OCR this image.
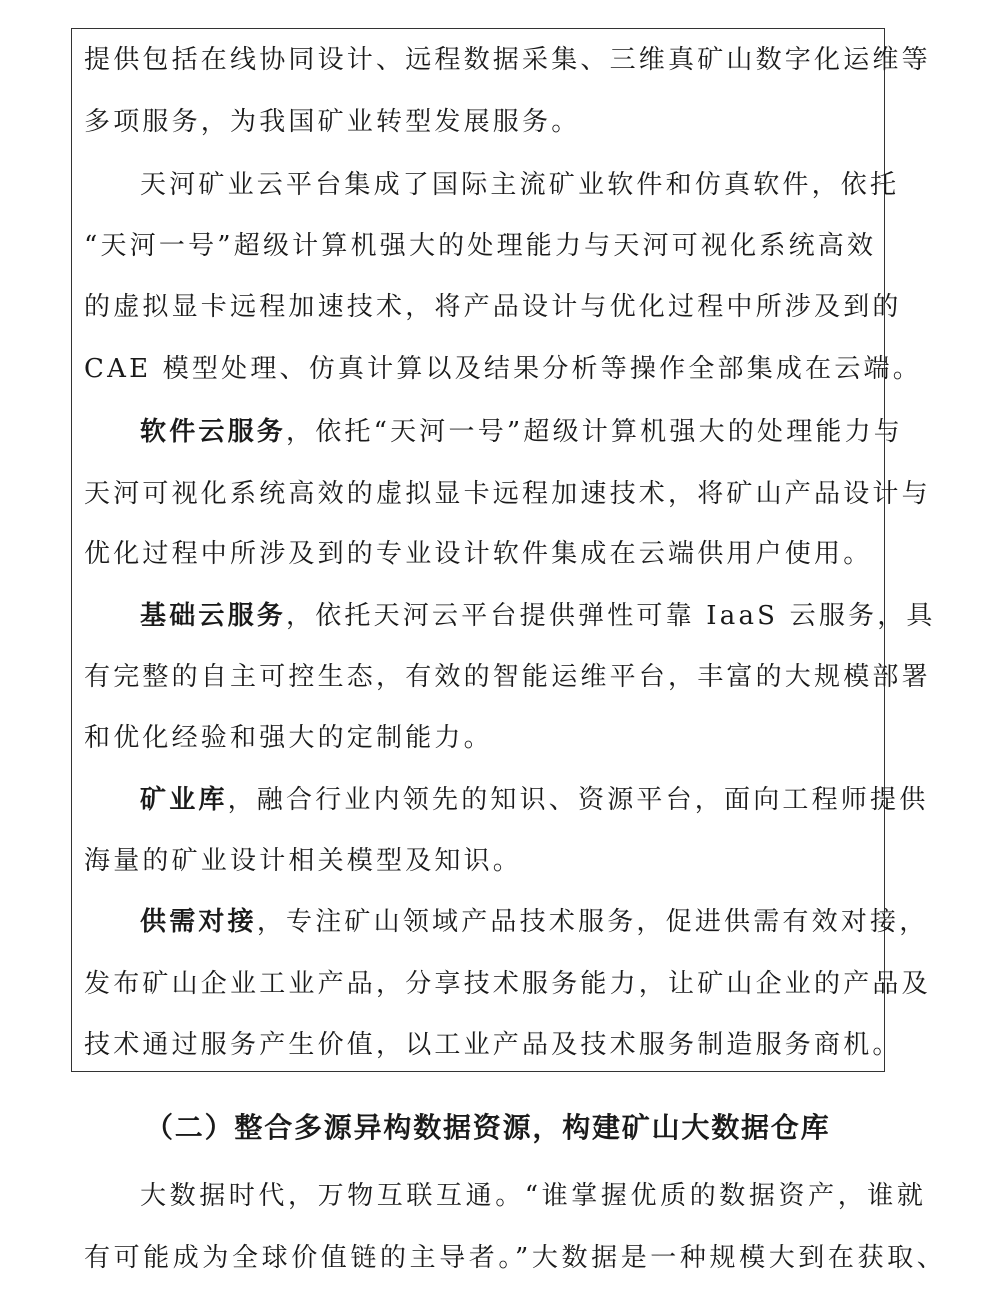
提供包括在线协同设计、远程数据采集、三维真矿山数字化运维等
多项服务，为我国矿业转型发展服务。
天河矿业云平台集成了国际主流矿业软件和仿真软件，依托
“天河一号”超级计算机强大的处理能力与天河可视化系统高效
的虚拟显卡远程加速技术，将产品设计与优化过程中所涉及到的
CAE 模型处理、仿真计算以及结果分析等操作全部集成在云端。
软件云服务，依托“天河一号”超级计算机强大的处理能力与
天河可视化系统高效的虚拟显卡远程加速技术，将矿山产品设计与
优化过程中所涉及到的专业设计软件集成在云端供用户使用。
基础云服务，依托天河云平台提供弹性可靠 IaaS 云服务，具
有完整的自主可控生态，有效的智能运维平台，丰富的大规模部署
和优化经验和强大的定制能力。
矿业库，融合行业内领先的知识、资源平台，面向工程师提供
海量的矿业设计相关模型及知识。
供需对接，专注矿山领域产品技术服务，促进供需有效对接，
发布矿山企业工业产品，分享技术服务能力，让矿山企业的产品及
技术通过服务产生价值，以工业产品及技术服务制造服务商机。
（二）整合多源异构数据资源，构建矿山大数据仓库
大数据时代，万物互联互通。“谁掌握优质的数据资产，谁就
有可能成为全球价值链的主导者。”大数据是一种规模大到在获取、
